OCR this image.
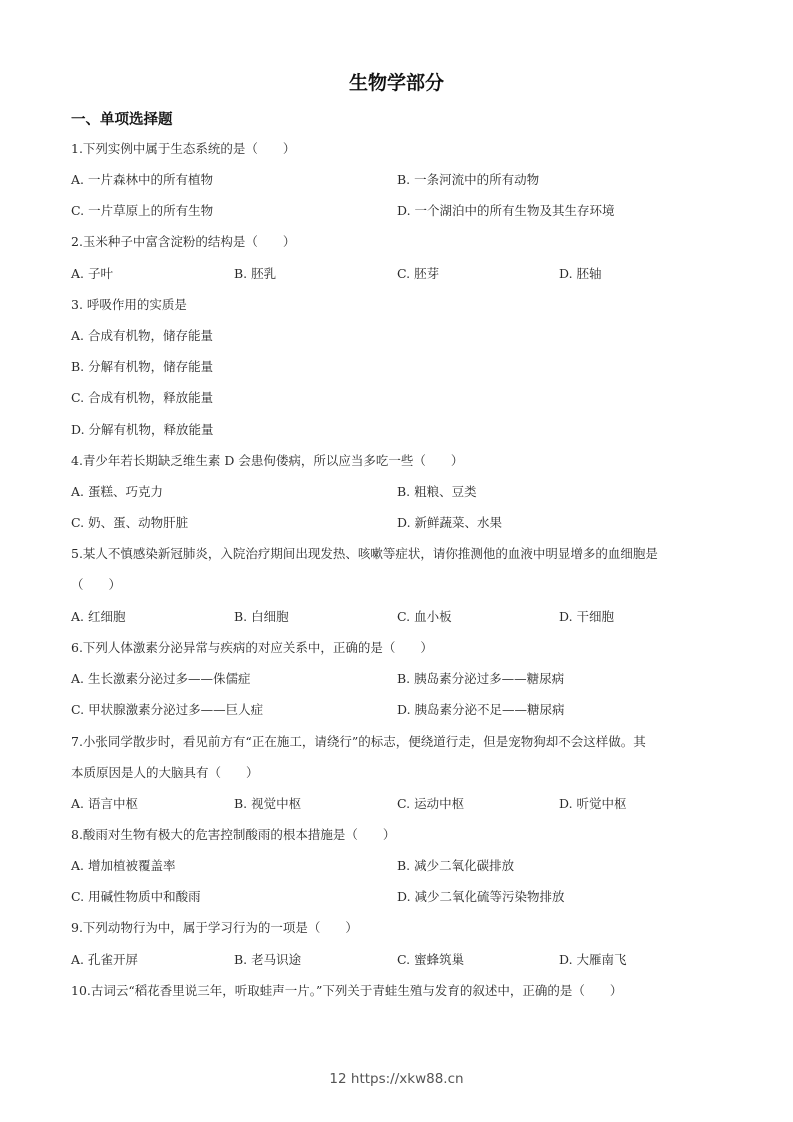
生物学部分
一、单项选择题
1.下列实例中属于生态系统的是（　　）
A. 一片森林中的所有植物	B. 一条河流中的所有动物
C. 一片草原上的所有生物	D. 一个湖泊中的所有生物及其生存环境
2.玉米种子中富含淀粉的结构是（　　）
A. 子叶	B. 胚乳	C. 胚芽	D. 胚轴
3. 呼吸作用的实质是
A. 合成有机物，储存能量
B. 分解有机物，储存能量
C. 合成有机物，释放能量
D. 分解有机物，释放能量
4.青少年若长期缺乏维生素 D 会患佝偻病，所以应当多吃一些（　　）
A. 蛋糕、巧克力	B. 粗粮、豆类
C. 奶、蛋、动物肝脏	D. 新鲜蔬菜、水果
5.某人不慎感染新冠肺炎，入院治疗期间出现发热、咳嗽等症状，请你推测他的血液中明显增多的血细胞是
（　　）
A. 红细胞	B. 白细胞	C. 血小板	D. 干细胞
6.下列人体激素分泌异常与疾病的对应关系中，正确的是（　　）
A. 生长激素分泌过多——侏儒症	B. 胰岛素分泌过多——糖尿病
C. 甲状腺激素分泌过多——巨人症	D. 胰岛素分泌不足——糖尿病
7.小张同学散步时，看见前方有“正在施工，请绕行”的标志，便绕道行走，但是宠物狗却不会这样做。其
本质原因是人的大脑具有（　　）
A. 语言中枢	B. 视觉中枢	C. 运动中枢	D. 听觉中枢
8.酸雨对生物有极大的危害控制酸雨的根本措施是（　　）
A. 增加植被覆盖率	B. 减少二氧化碳排放
C. 用碱性物质中和酸雨	D. 减少二氧化硫等污染物排放
9.下列动物行为中，属于学习行为的一项是（　　）
A. 孔雀开屏	B. 老马识途	C. 蜜蜂筑巢	D. 大雁南飞
10.古词云“稻花香里说三年，听取蛙声一片。”下列关于青蛙生殖与发育的叙述中，正确的是（　　）
12 https://xkw88.cn
